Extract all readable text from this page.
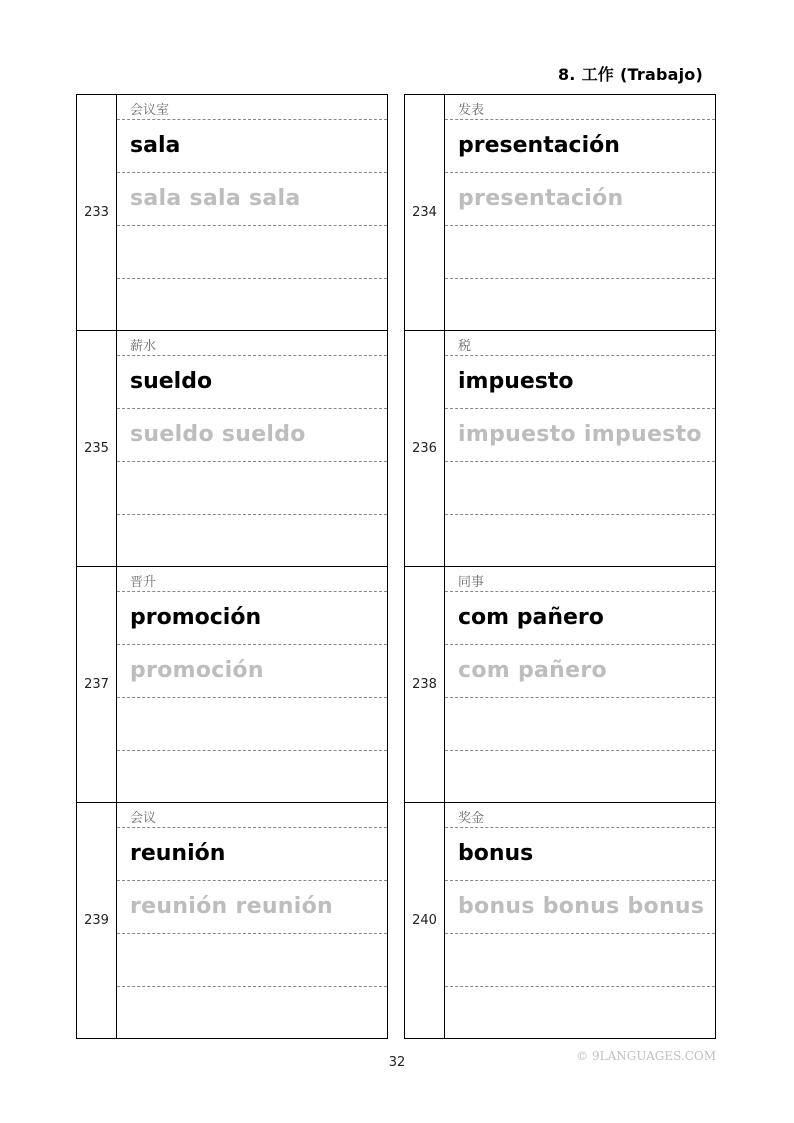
8. 工作 (Trabajo)
233
会议室
sala
sala sala sala
235
薪水
sueldo
sueldo sueldo
237
晋升
promoción
promoción
239
会议
reunión
reunión reunión
234
发表
presentación
presentación
236
税
impuesto
impuesto impuesto
238
同事
com pañero
com pañero
240
奖金
bonus
bonus bonus bonus
32	© 9LANGUAGES.COM
